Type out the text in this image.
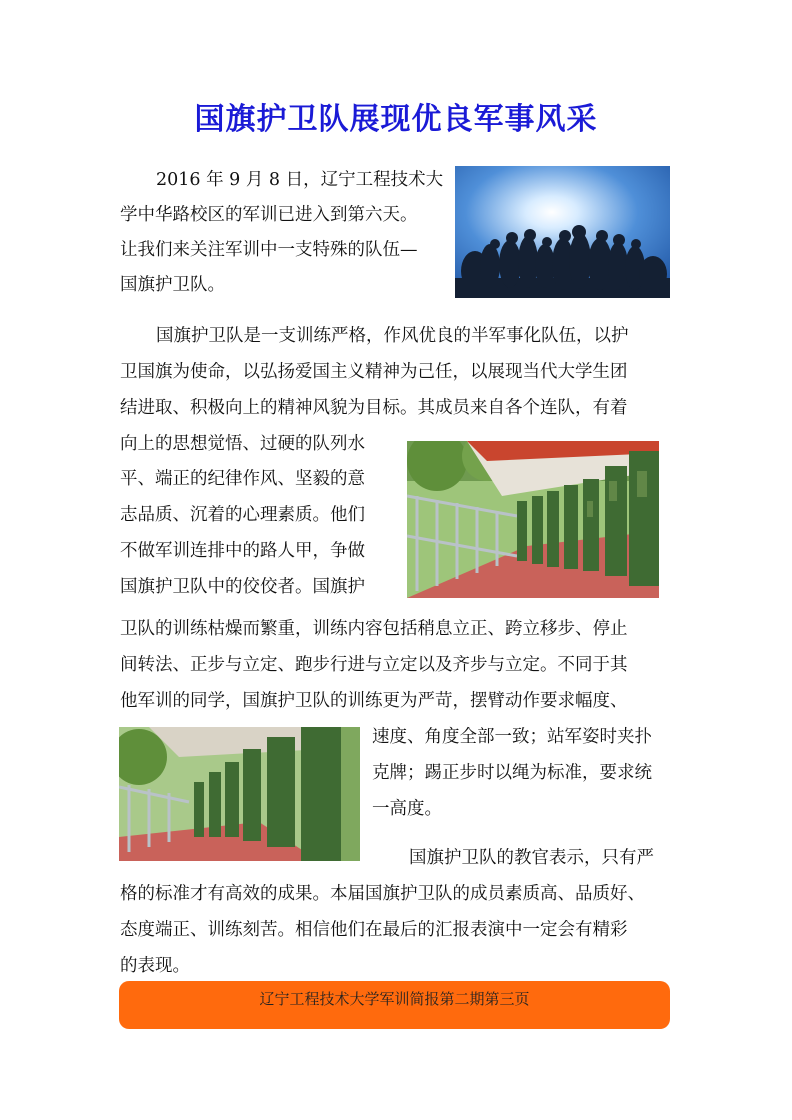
国旗护卫队展现优良军事风采
2016 年 9 月 8 日，辽宁工程技术大
学中华路校区的军训已进入到第六天。
让我们来关注军训中一支特殊的队伍—
国旗护卫队。
国旗护卫队是一支训练严格，作风优良的半军事化队伍，以护
卫国旗为使命，以弘扬爱国主义精神为己任，以展现当代大学生团
结进取、积极向上的精神风貌为目标。其成员来自各个连队，有着
向上的思想觉悟、过硬的队列水
平、端正的纪律作风、坚毅的意
志品质、沉着的心理素质。他们
不做军训连排中的路人甲，争做
国旗护卫队中的佼佼者。国旗护
卫队的训练枯燥而繁重，训练内容包括稍息立正、跨立移步、停止
间转法、正步与立定、跑步行进与立定以及齐步与立定。不同于其
他军训的同学，国旗护卫队的训练更为严苛，摆臂动作要求幅度、
速度、角度全部一致；站军姿时夹扑
克牌；踢正步时以绳为标准，要求统
一高度。
国旗护卫队的教官表示，只有严
格的标准才有高效的成果。本届国旗护卫队的成员素质高、品质好、
态度端正、训练刻苦。相信他们在最后的汇报表演中一定会有精彩
的表现。
辽宁工程技术大学军训简报第二期第三页
